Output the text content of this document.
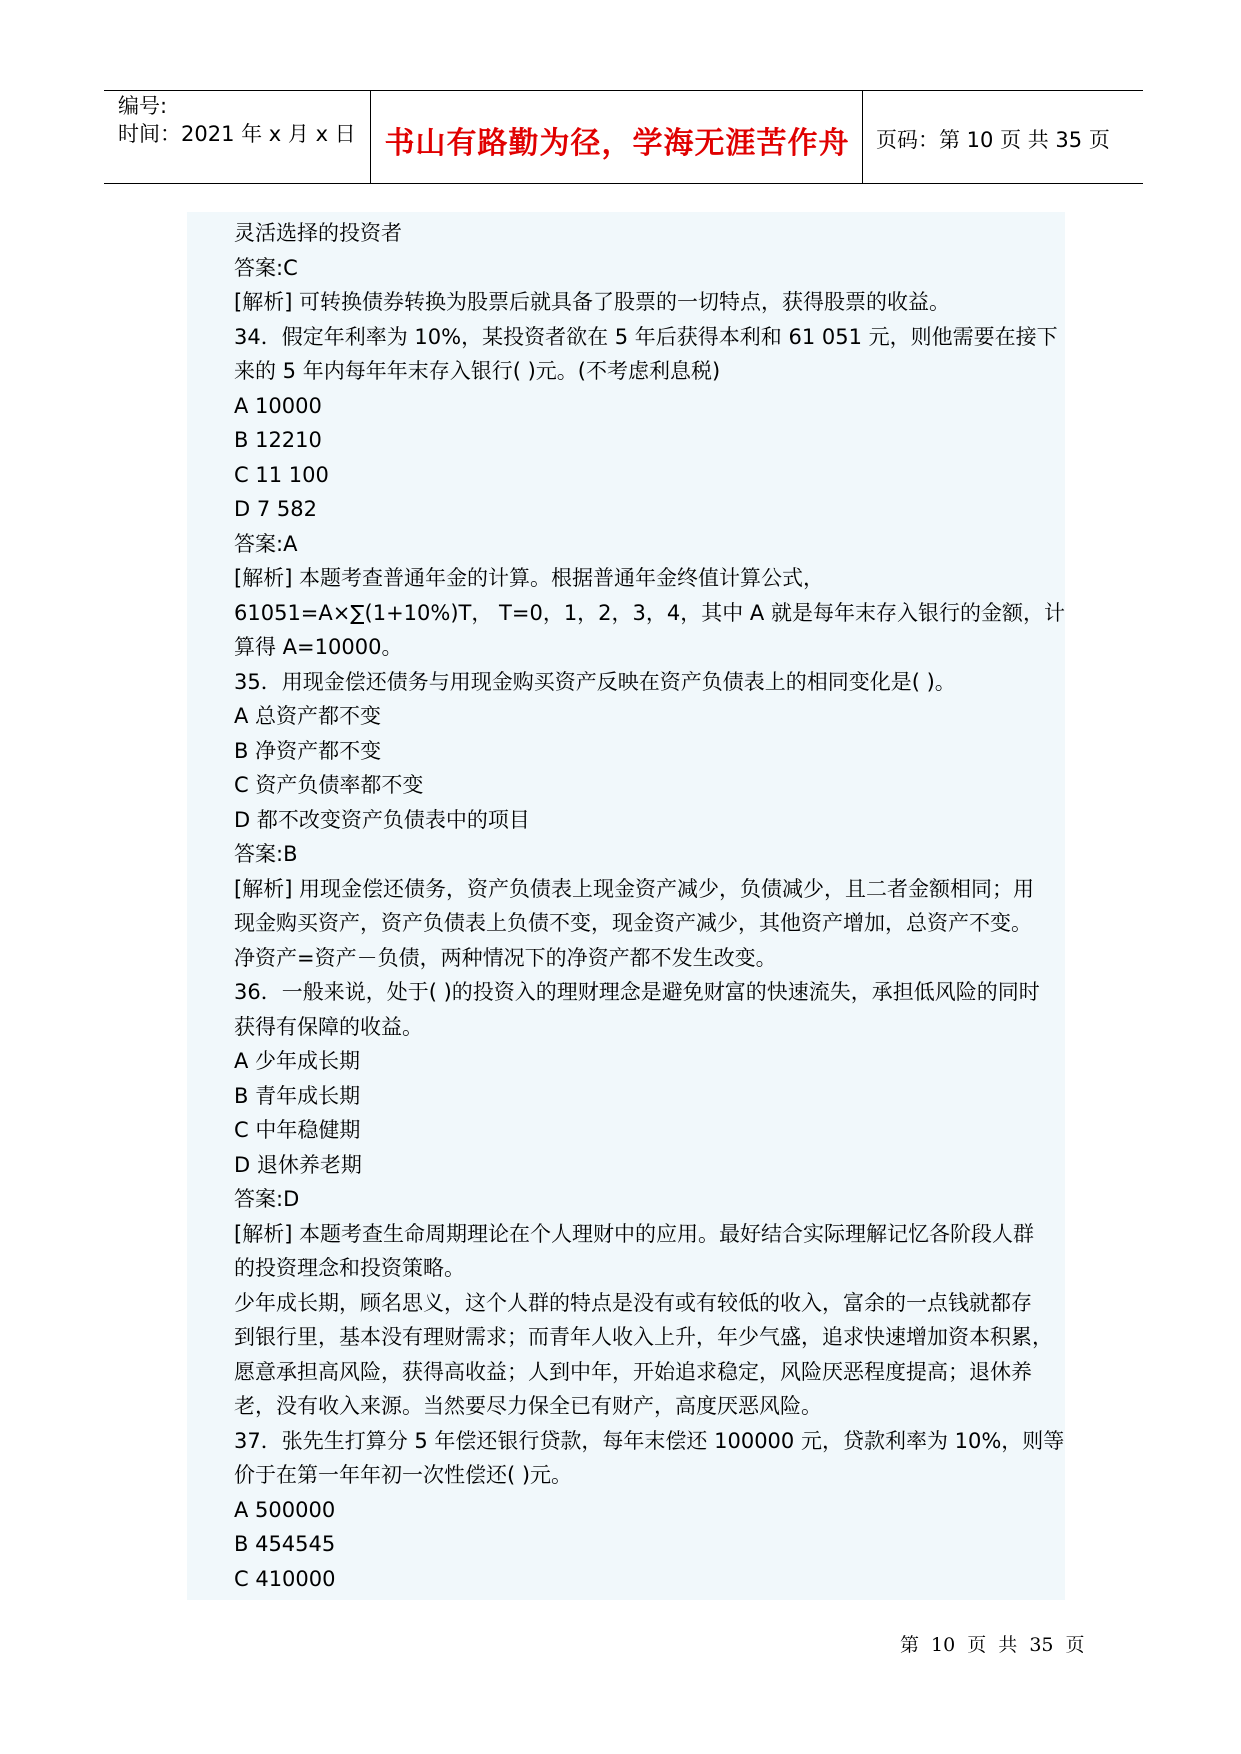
编号:
时间：2021 年 x 月 x 日 书山有路勤为径，学海无涯苦作舟	页码：第 10 页 共 35 页

灵活选择的投资者

答案:C

[解析] 可转换债券转换为股票后就具备了股票的一切特点，获得股票的收益。

34．假定年利率为 10%，某投资者欲在 5 年后获得本利和 61 051 元，则他需要在接下

来的 5 年内每年年末存入银行( )元。(不考虑利息税)

A 10000

B 12210

C 11 100

D 7 582

答案:A

[解析] 本题考查普通年金的计算。根据普通年金终值计算公式，

61051=A×∑(1+10%)T， T=0，1，2，3，4，其中 A 就是每年末存入银行的金额，计

算得 A=10000。

35．用现金偿还债务与用现金购买资产反映在资产负债表上的相同变化是( )。

A 总资产都不变

B 净资产都不变

C 资产负债率都不变

D 都不改变资产负债表中的项目

答案:B

[解析] 用现金偿还债务，资产负债表上现金资产减少，负债减少，且二者金额相同；用

现金购买资产，资产负债表上负债不变，现金资产减少，其他资产增加，总资产不变。

净资产=资产－负债，两种情况下的净资产都不发生改变。

36．一般来说，处于( )的投资入的理财理念是避免财富的快速流失，承担低风险的同时

获得有保障的收益。

A 少年成长期

B 青年成长期

C 中年稳健期

D 退休养老期

答案:D

[解析] 本题考查生命周期理论在个人理财中的应用。最好结合实际理解记忆各阶段人群

的投资理念和投资策略。

少年成长期，顾名思义，这个人群的特点是没有或有较低的收入，富余的一点钱就都存

到银行里，基本没有理财需求；而青年人收入上升，年少气盛，追求快速增加资本积累，

愿意承担高风险，获得高收益；人到中年，开始追求稳定，风险厌恶程度提高；退休养

老，没有收入来源。当然要尽力保全已有财产，高度厌恶风险。

37．张先生打算分 5 年偿还银行贷款，每年末偿还 100000 元，贷款利率为 10%，则等

价于在第一年年初一次性偿还( )元。

A 500000

B 454545

C 410000

第 10 页 共 35 页
